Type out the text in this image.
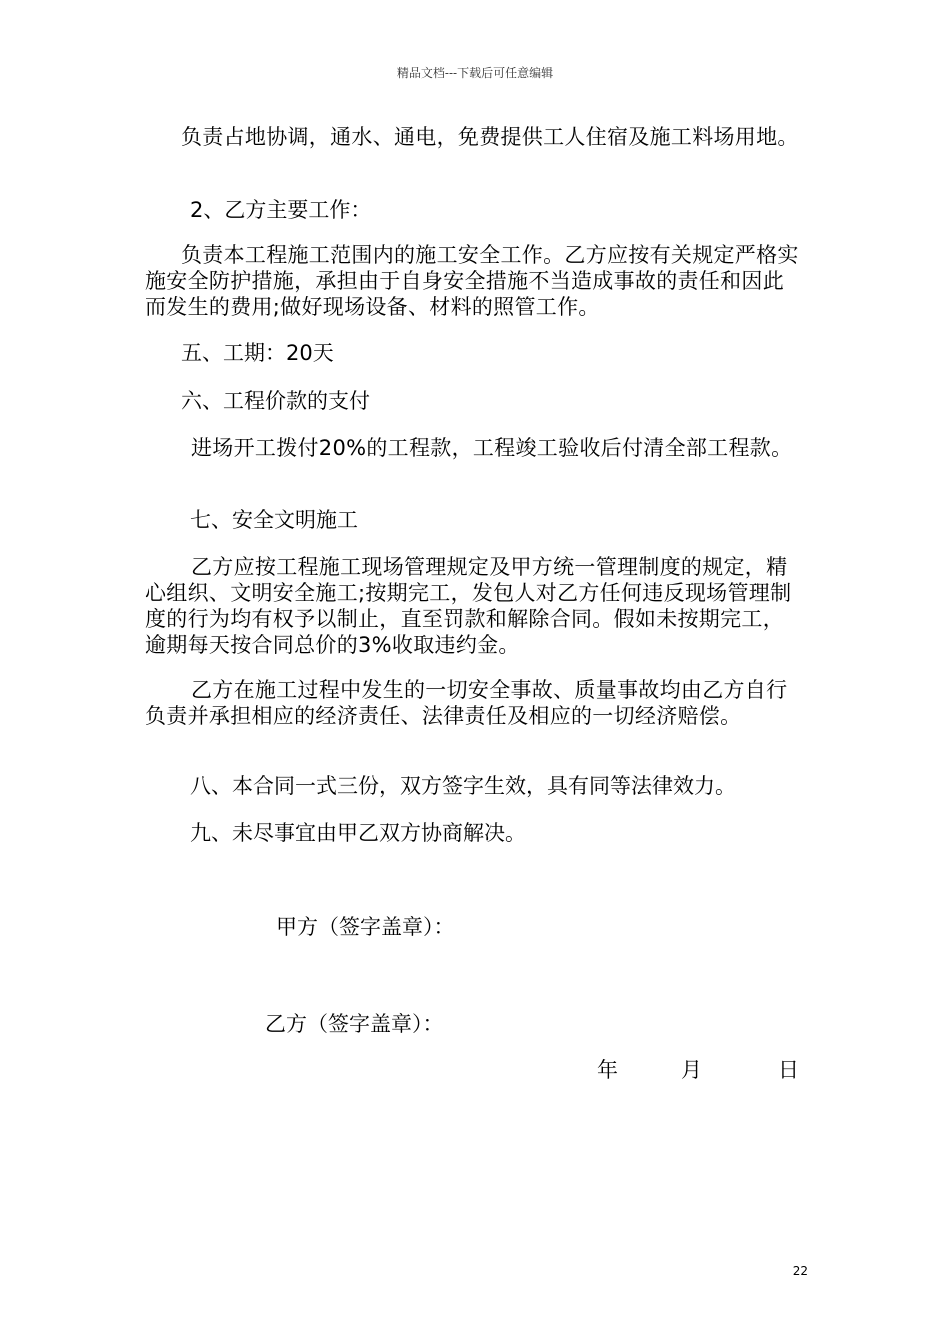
精品文档---下载后可任意编辑

负责占地协调，通水、通电，免费提供工人住宿及施工料场用地。

2、乙方主要工作：

负责本工程施工范围内的施工安全工作。乙方应按有关规定严格实施安全防护措施，承担由于自身安全措施不当造成事故的责任和因此而发生的费用;做好现场设备、材料的照管工作。

五、工期：20天

六、工程价款的支付

进场开工拨付20%的工程款，工程竣工验收后付清全部工程款。

七、安全文明施工

乙方应按工程施工现场管理规定及甲方统一管理制度的规定，精心组织、文明安全施工;按期完工，发包人对乙方任何违反现场管理制度的行为均有权予以制止，直至罚款和解除合同。假如未按期完工，逾期每天按合同总价的3%收取违约金。

乙方在施工过程中发生的一切安全事故、质量事故均由乙方自行负责并承担相应的经济责任、法律责任及相应的一切经济赔偿。

八、本合同一式三份，双方签字生效，具有同等法律效力。

九、未尽事宜由甲乙双方协商解决。

甲方（签字盖章）：

乙方（签字盖章）：

年	月	日

22
